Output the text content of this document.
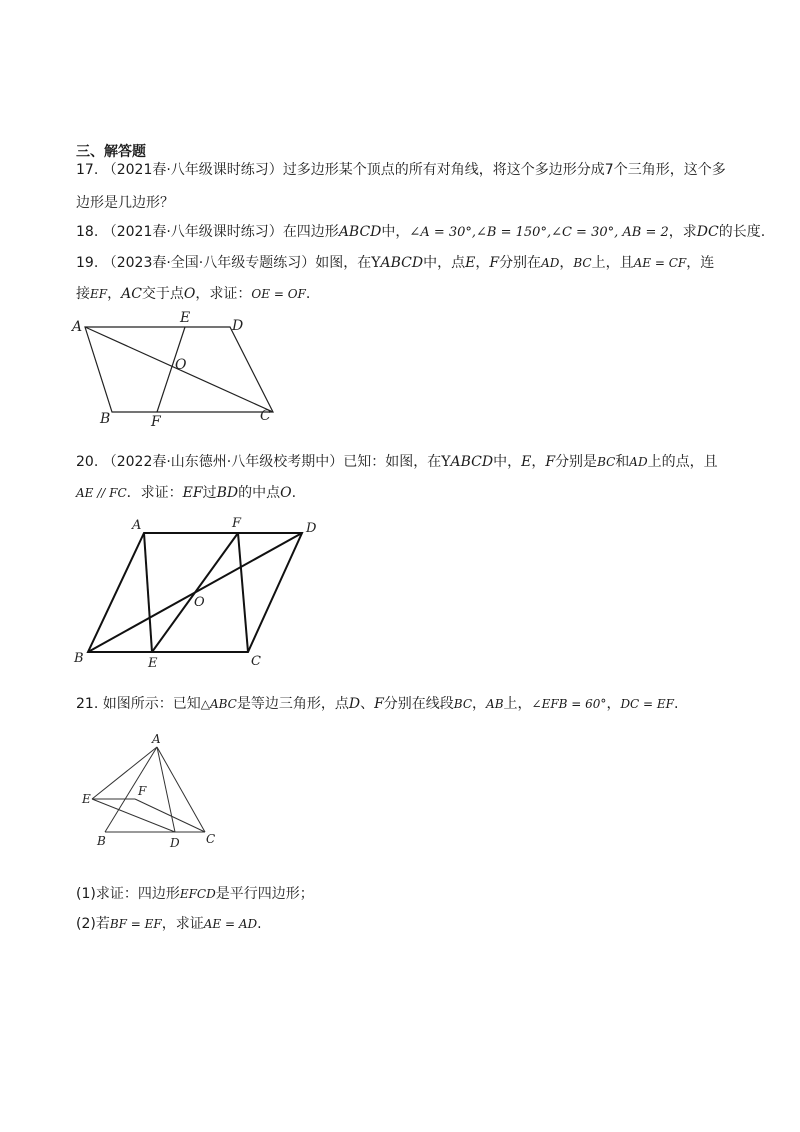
三、解答题
17. （2021春·八年级课时练习）过多边形某个顶点的所有对角线，将这个多边形分成7个三角形，这个多
边形是几边形？
18. （2021春·八年级课时练习）在四边形ABCD中，∠A = 30°,∠B = 150°,∠C = 30°, AB = 2，求DC的长度.
19. （2023春·全国·八年级专题练习）如图，在YABCD中，点E，F分别在AD，BC上，且AE = CF，连
接EF，AC交于点O，求证：OE = OF.
A
E	D
O
B	F	C
20. （2022春·山东德州·八年级校考期中）已知：如图，在YABCD中，E，F分别是BC和AD上的点，且
AE // FC．求证：EF过BD的中点O.
A	F	D
O
B	E	C
21. 如图所示：已知△ABC是等边三角形，点D、F分别在线段BC，AB上，∠EFB = 60°，DC = EF.
A
E
F
B	D C
(1)求证：四边形EFCD是平行四边形；
(2)若BF = EF，求证AE = AD.
